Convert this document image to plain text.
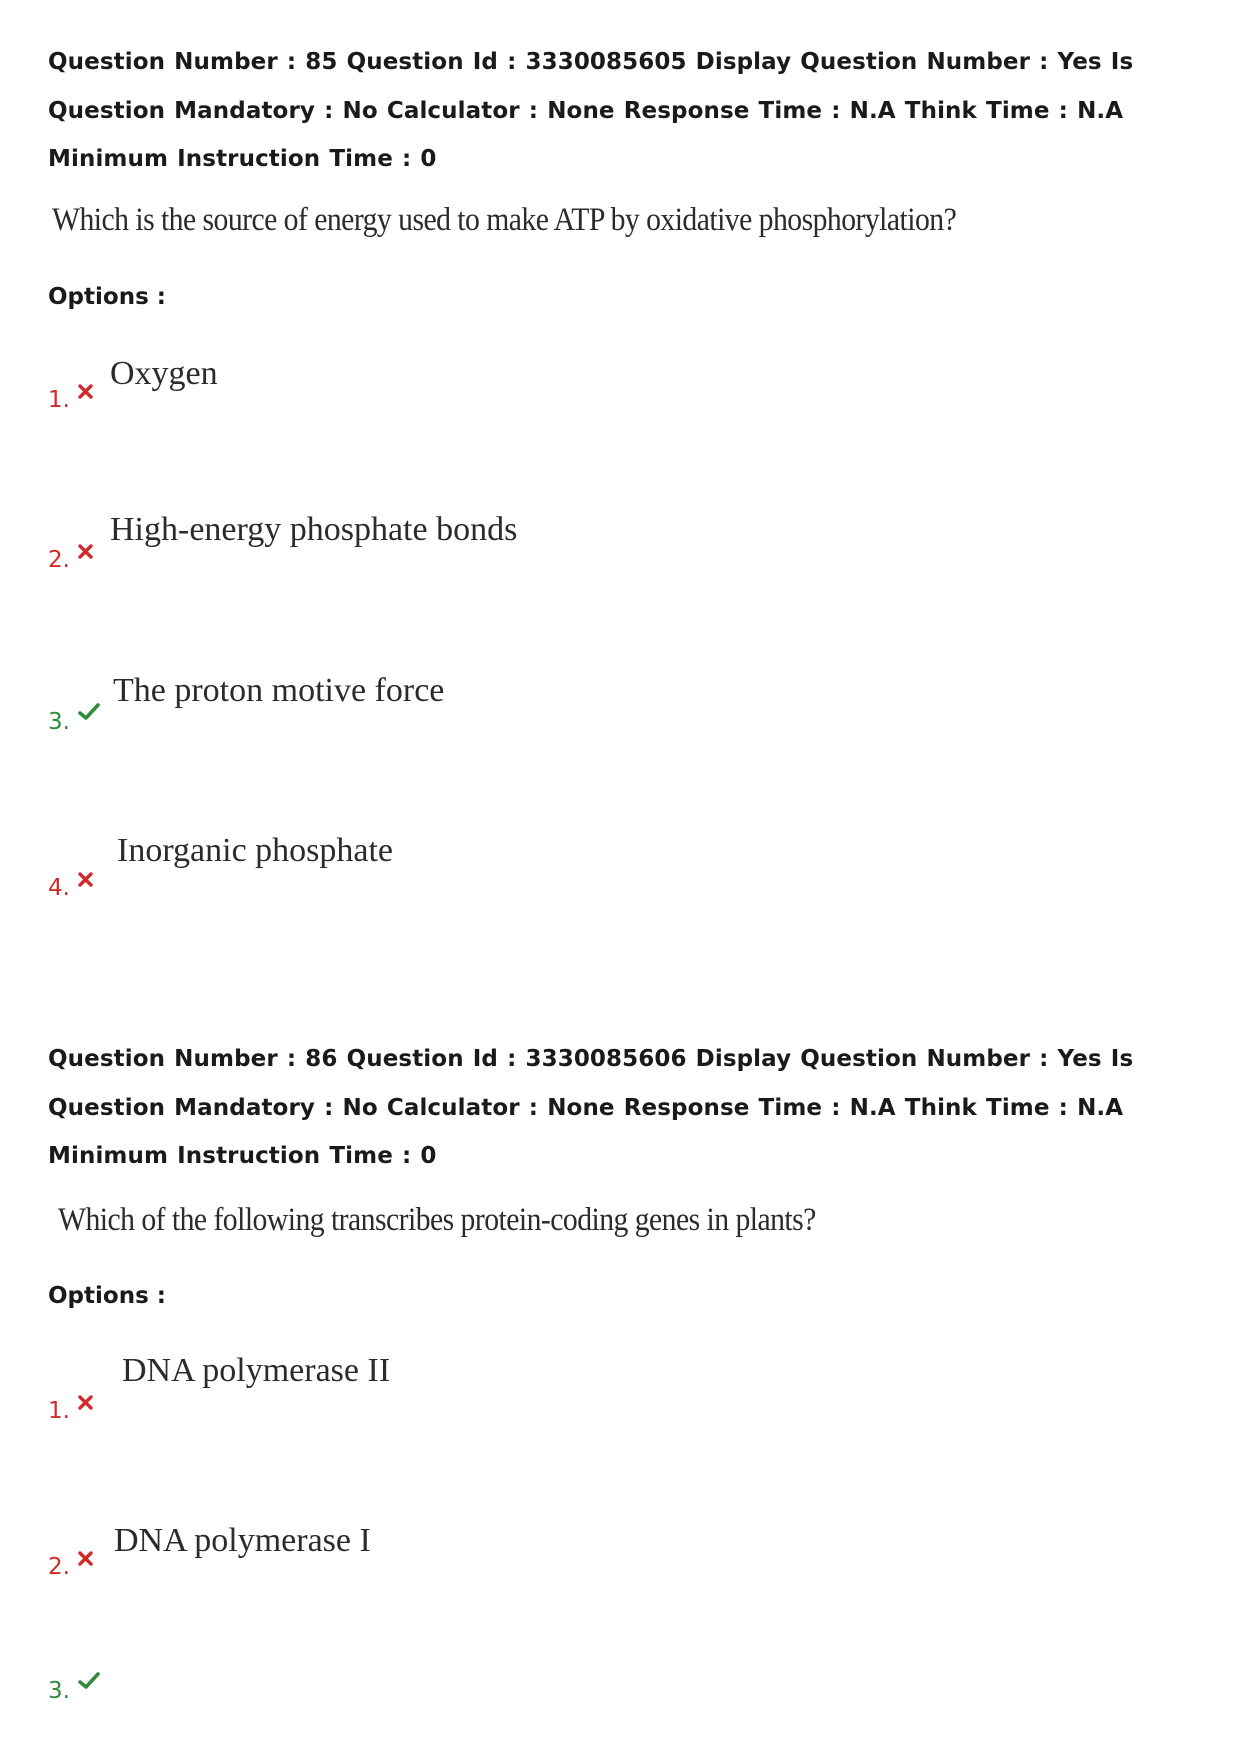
Question Number : 85 Question Id : 3330085605 Display Question Number : Yes Is Question Mandatory : No Calculator : None Response Time : N.A Think Time : N.A Minimum Instruction Time : 0
Which is the source of energy used to make ATP by oxidative phosphorylation?
Options :
1.
Oxygen
2.
High-energy phosphate bonds
3.
The proton motive force
4.
Inorganic phosphate
Question Number : 86 Question Id : 3330085606 Display Question Number : Yes Is Question Mandatory : No Calculator : None Response Time : N.A Think Time : N.A Minimum Instruction Time : 0
Which of the following transcribes protein-coding genes in plants?
Options :
1.
DNA polymerase II
2.
DNA polymerase I
3.
